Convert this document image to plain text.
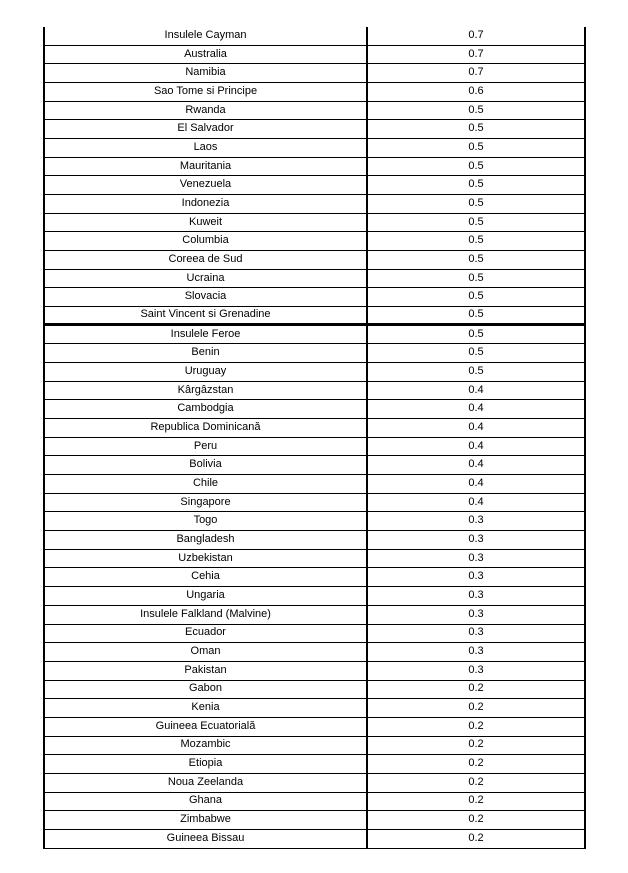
Insulele Cayman	0.7
Australia	0.7
Namibia	0.7
Sao Tome si Principe	0.6
Rwanda	0.5
El Salvador	0.5
Laos	0.5
Mauritania	0.5
Venezuela	0.5
Indonezia	0.5
Kuweit	0.5
Columbia	0.5
Coreea de Sud	0.5
Ucraina	0.5
Slovacia	0.5
Saint Vincent si Grenadine	0.5
Insulele Feroe	0.5
Benin	0.5
Uruguay	0.5
Kârgâzstan	0.4
Cambodgia	0.4
Republica Dominicană	0.4
Peru	0.4
Bolivia	0.4
Chile	0.4
Singapore	0.4
Togo	0.3
Bangladesh	0.3
Uzbekistan	0.3
Cehia	0.3
Ungaria	0.3
Insulele Falkland (Malvine)	0.3
Ecuador	0.3
Oman	0.3
Pakistan	0.3
Gabon	0.2
Kenia	0.2
Guineea Ecuatorială	0.2
Mozambic	0.2
Etiopia	0.2
Noua Zeelanda	0.2
Ghana	0.2
Zimbabwe	0.2
Guineea Bissau	0.2
